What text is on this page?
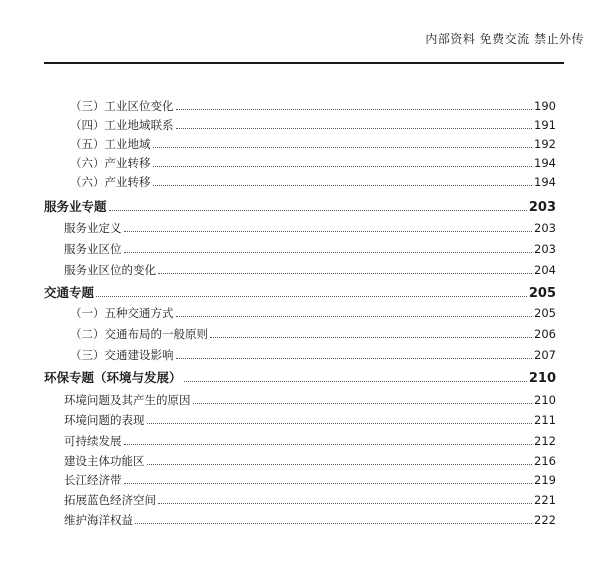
内部资料 免费交流 禁止外传
（三）工业区位变化	190
（四）工业地域联系	191
（五）工业地域	192
（六）产业转移	194
（六）产业转移	194
服务业专题	203
服务业定义	203
服务业区位	203
服务业区位的变化	204
交通专题	205
（一）五种交通方式	205
（二）交通布局的一般原则	206
（三）交通建设影响	207
环保专题（环境与发展）	210
环境问题及其产生的原因	210
环境问题的表现	211
可持续发展	212
建设主体功能区	216
长江经济带	219
拓展蓝色经济空间	221
维护海洋权益	222
